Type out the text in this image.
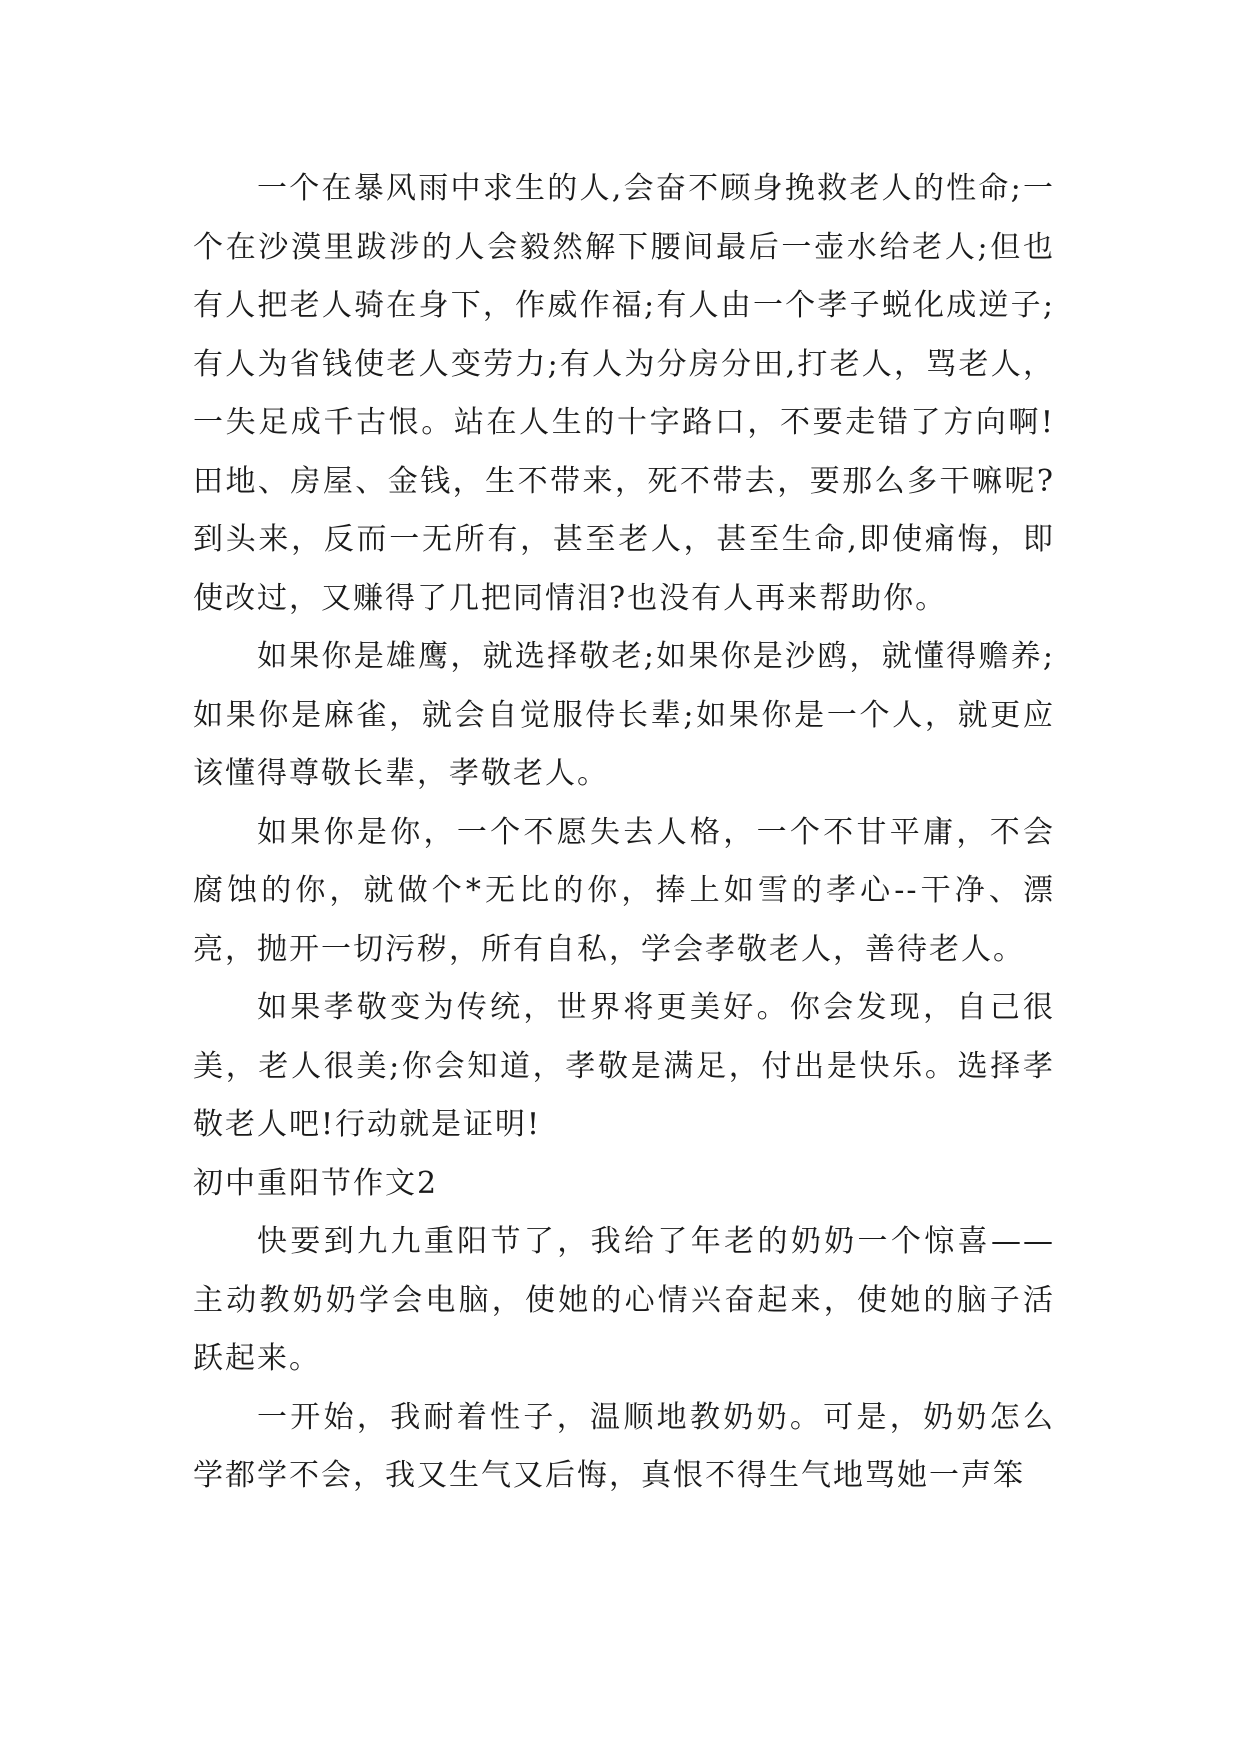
一个在暴风雨中求生的人,会奋不顾身挽救老人的性命;一个在沙漠里跋涉的人会毅然解下腰间最后一壶水给老人;但也有人把老人骑在身下，作威作福;有人由一个孝子蜕化成逆子;有人为省钱使老人变劳力;有人为分房分田,打老人，骂老人，一失足成千古恨。站在人生的十字路口，不要走错了方向啊!田地、房屋、金钱，生不带来，死不带去，要那么多干嘛呢?到头来，反而一无所有，甚至老人，甚至生命,即使痛悔，即使改过，又赚得了几把同情泪?也没有人再来帮助你。

如果你是雄鹰，就选择敬老;如果你是沙鸥，就懂得赡养;如果你是麻雀，就会自觉服侍长辈;如果你是一个人，就更应该懂得尊敬长辈，孝敬老人。

如果你是你，一个不愿失去人格，一个不甘平庸，不会腐蚀的你，就做个*无比的你，捧上如雪的孝心--干净、漂亮，抛开一切污秽，所有自私，学会孝敬老人，善待老人。

如果孝敬变为传统，世界将更美好。你会发现，自己很美，老人很美;你会知道，孝敬是满足，付出是快乐。选择孝敬老人吧!行动就是证明!

初中重阳节作文2

快要到九九重阳节了，我给了年老的奶奶一个惊喜——主动教奶奶学会电脑，使她的心情兴奋起来，使她的脑子活跃起来。

一开始，我耐着性子，温顺地教奶奶。可是，奶奶怎么学都学不会，我又生气又后悔，真恨不得生气地骂她一声笨
